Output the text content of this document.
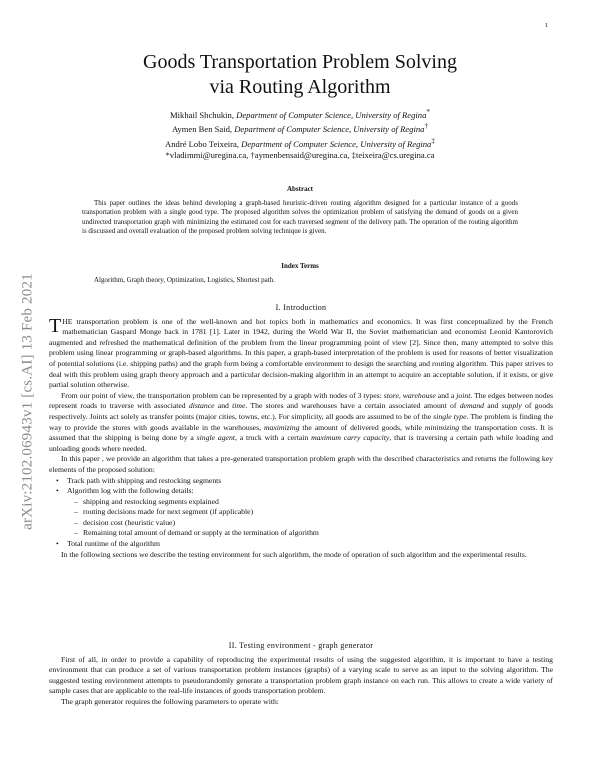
1
arXiv:2102.06943v1 [cs.AI] 13 Feb 2021
Goods Transportation Problem Solving
via Routing Algorithm
Mikhail Shchukin, Department of Computer Science, University of Regina*
Aymen Ben Said, Department of Computer Science, University of Regina†
André Lobo Teixeira, Department of Computer Science, University of Regina‡
*vladimmi@uregina.ca, †aymenbensaid@uregina.ca, ‡teixeira@cs.uregina.ca
Abstract
This paper outlines the ideas behind developing a graph-based heuristic-driven routing algorithm designed for a particular instance of a goods transportation problem with a single good type. The proposed algorithm solves the optimization problem of satisfying the demand of goods on a given undirected transportation graph with minimizing the estimated cost for each traversed segment of the delivery path. The operation of the routing algorithm is discussed and overall evaluation of the proposed problem solving technique is given.
Index Terms
Algorithm, Graph theory, Optimization, Logistics, Shortest path.

I. Introduction

THE transportation problem is one of the well-known and hot topics both in mathematics and economics. It was first conceptualized by the French mathematician Gaspard Monge back in 1781 [1]. Later in 1942, during the World War II, the Soviet mathematician and economist Leonid Kantorovich augmented and refreshed the mathematical definition of the problem from the linear programming point of view [2]. Since then, many attempted to solve this problem using linear programming or graph-based algorithms. In this paper, a graph-based interpretation of the problem is used for reasons of better visualization of potential solutions (i.e. shipping paths) and the graph form being a comfortable environment to design the searching and routing algorithm. This paper strives to deal with this problem using graph theory approach and a particular decision-making algorithm in an attempt to acquire an acceptable solution, if it exists, or give partial solution otherwise.

From our point of view, the transportation problem can be represented by a graph with nodes of 3 types: store, warehouse and a joint. The edges between nodes represent roads to traverse with associated distance and time. The stores and warehouses have a certain associated amount of demand and supply of goods respectively. Joints act solely as transfer points (major cities, towns, etc.). For simplicity, all goods are assumed to be of the single type. The problem is finding the way to provide the stores with goods available in the warehouses, maximizing the amount of delivered goods, while minimizing the transportation costs. It is assumed that the shipping is being done by a single agent, a truck with a certain maximum carry capacity, that is traversing a certain path while loading and unloading goods where needed.

In this paper , we provide an algorithm that takes a pre-generated transportation problem graph with the described characteristics and returns the following key elements of the proposed solution:

• Track path with shipping and restocking segments
• Algorithm log with the following details:
– shipping and restocking segments explained
– routing decisions made for next segment (if applicable)
– decision cost (heuristic value)
– Remaining total amount of demand or supply at the termination of algorithm
• Total runtime of the algorithm

In the following sections we describe the testing environment for such algorithm, the mode of operation of such algorithm and the experimental results.

II. Testing environment - graph generator

First of all, in order to provide a capability of reproducing the experimental results of using the suggested algorithm, it is important to have a testing environment that can produce a set of various transportation problem instances (graphs) of a varying scale to serve as an input to the solving algorithm. The suggested testing environment attempts to pseudorandomly generate a transportation problem graph instance on each run. This allows to create a wide variety of sample cases that are applicable to the real-life instances of goods transportation problem.

The graph generator requires the following parameters to operate with:
